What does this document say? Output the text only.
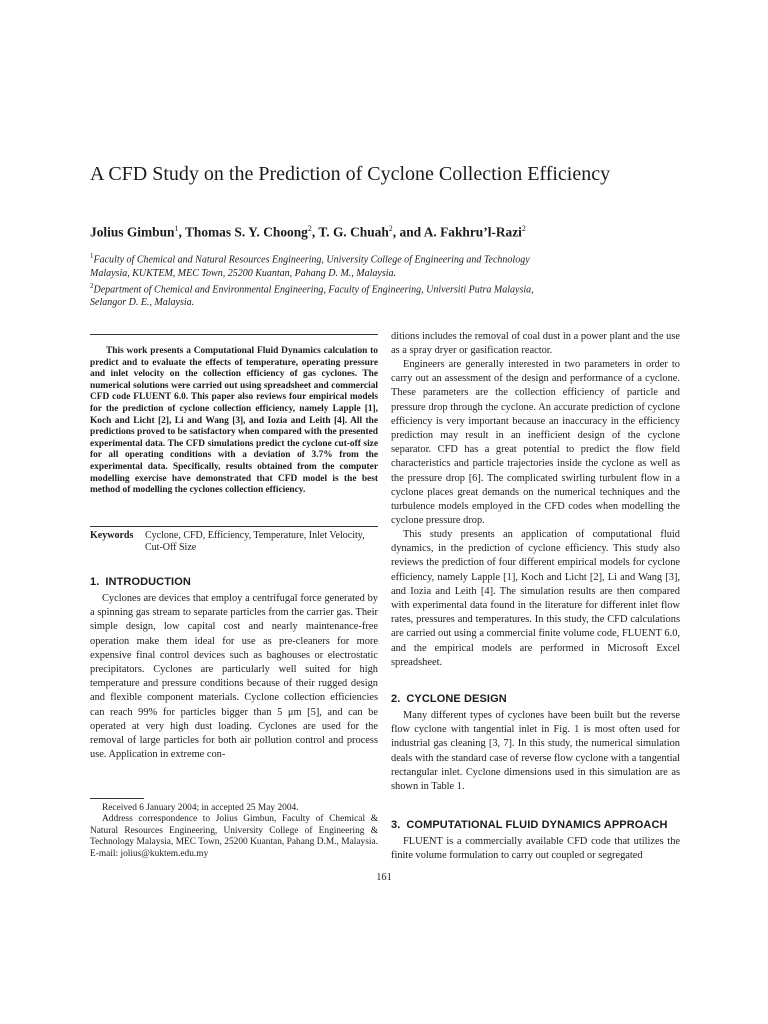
A CFD Study on the Prediction of Cyclone Collection Efficiency
Jolius Gimbun$^1$, Thomas S. Y. Choong$^2$, T. G. Chuah$^2$, and A. Fakhru’l-Razi$^2$
$^1$Faculty of Chemical and Natural Resources Engineering, University College of Engineering and Technology Malaysia, KUKTEM, MEC Town, 25200 Kuantan, Pahang D. M., Malaysia.
$^2$Department of Chemical and Environmental Engineering, Faculty of Engineering, Universiti Putra Malaysia, Selangor D. E., Malaysia.

This work presents a Computational Fluid Dynamics calculation to predict and to evaluate the effects of temperature, operating pressure and inlet velocity on the collection efficiency of gas cyclones. The numerical solutions were carried out using spreadsheet and commercial CFD code FLUENT 6.0. This paper also reviews four empirical models for the prediction of cyclone collection efficiency, namely Lapple [1], Koch and Licht [2], Li and Wang [3], and Iozia and Leith [4]. All the predictions proved to be satisfactory when compared with the presented experimental data. The CFD simulations predict the cyclone cut-off size for all operating conditions with a deviation of 3.7% from the experimental data. Specifically, results obtained from the computer modelling exercise have demonstrated that CFD model is the best method of modelling the cyclones collection efficiency.

Keywords	Cyclone, CFD, Efficiency, Temperature, Inlet Velocity, Cut-Off Size
1. INTRODUCTION

Cyclones are devices that employ a centrifugal force generated by a spinning gas stream to separate particles from the carrier gas. Their simple design, low capital cost and nearly maintenance-free operation make them ideal for use as pre-cleaners for more expensive final control devices such as baghouses or electrostatic precipitators. Cyclones are particularly well suited for high temperature and pressure conditions because of their rugged design and flexible component materials. Cyclone collection efficiencies can reach 99% for particles bigger than 5 μm [5], and can be operated at very high dust loading. Cyclones are used for the removal of large particles for both air pollution control and process use. Application in extreme con-

Received 6 January 2004; in accepted 25 May 2004.

Address correspondence to Jolius Gimbun, Faculty of Chemical & Natural Resources Engineering, University College of Engineering & Technology Malaysia, MEC Town, 25200 Kuantan, Pahang D.M., Malaysia. E-mail: jolius@kuktem.edu.my

ditions includes the removal of coal dust in a power plant and the use as a spray dryer or gasification reactor.

Engineers are generally interested in two parameters in order to carry out an assessment of the design and performance of a cyclone. These parameters are the collection efficiency of particle and pressure drop through the cyclone. An accurate prediction of cyclone efficiency is very important because an inaccuracy in the efficiency prediction may result in an inefficient design of the cyclone separator. CFD has a great potential to predict the flow field characteristics and particle trajectories inside the cyclone as well as the pressure drop [6]. The complicated swirling turbulent flow in a cyclone places great demands on the numerical techniques and the turbulence models employed in the CFD codes when modelling the cyclone pressure drop.

This study presents an application of computational fluid dynamics, in the prediction of cyclone efficiency. This study also reviews the prediction of four different empirical models for cyclone efficiency, namely Lapple [1], Koch and Licht [2], Li and Wang [3], and Iozia and Leith [4]. The simulation results are then compared with experimental data found in the literature for different inlet flow rates, pressures and temperatures. In this study, the CFD calculations are carried out using a commercial finite volume code, FLUENT 6.0, and the empirical models are performed in Microsoft Excel spreadsheet.

2. CYCLONE DESIGN

Many different types of cyclones have been built but the reverse flow cyclone with tangential inlet in Fig. 1 is most often used for industrial gas cleaning [3, 7]. In this study, the numerical simulation deals with the standard case of reverse flow cyclone with a tangential rectangular inlet. Cyclone dimensions used in this simulation are as shown in Table 1.

3. COMPUTATIONAL FLUID DYNAMICS APPROACH

FLUENT is a commercially available CFD code that utilizes the finite volume formulation to carry out coupled or segregated

161
